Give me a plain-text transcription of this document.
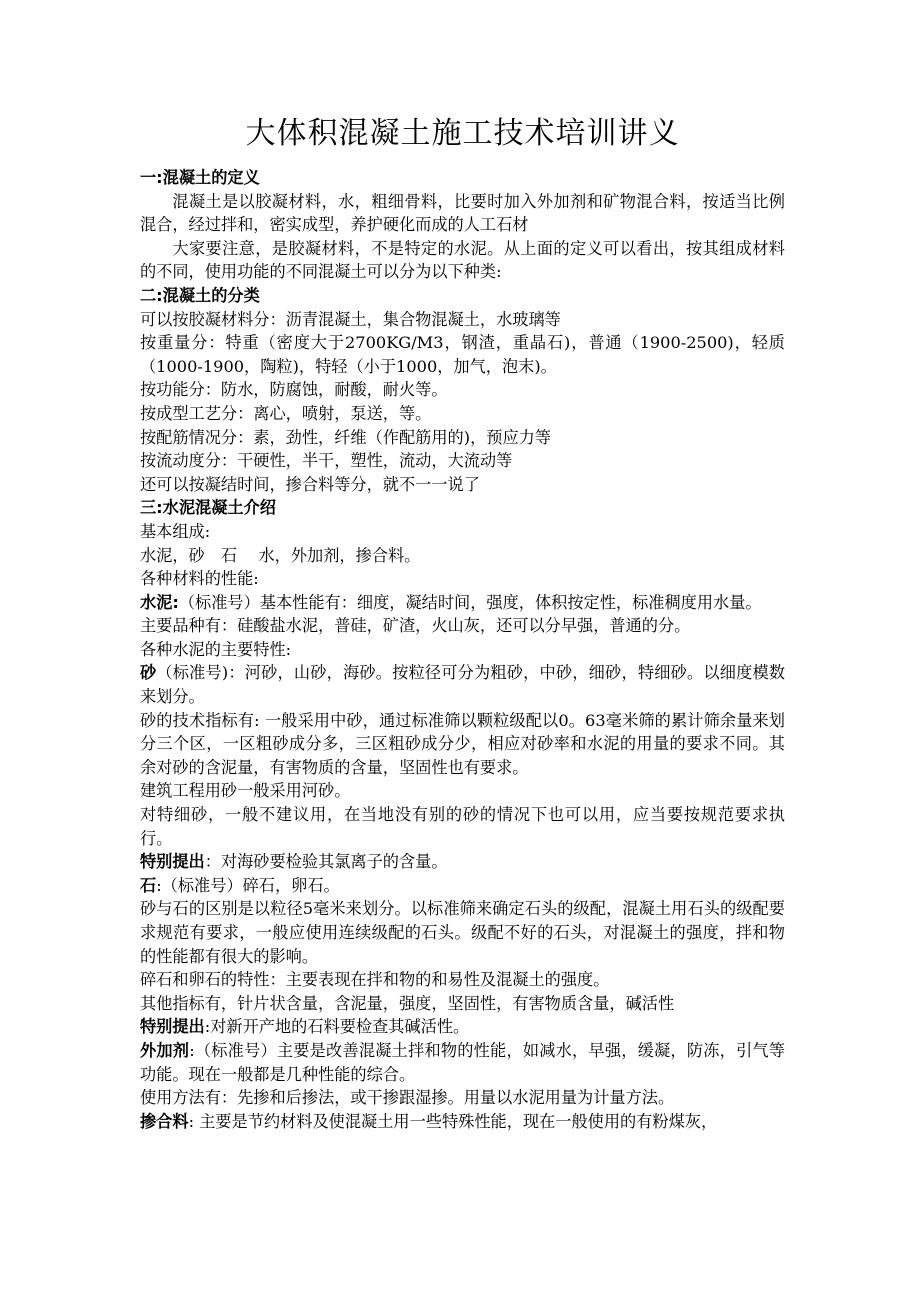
大体积混凝土施工技术培训讲义

一:混凝土的定义

混凝土是以胶凝材料，水，粗细骨料，比要时加入外加剂和矿物混合料，按适当比例混合，经过拌和，密实成型，养护硬化而成的人工石材

大家要注意，是胶凝材料，不是特定的水泥。从上面的定义可以看出，按其组成材料的不同，使用功能的不同混凝土可以分为以下种类:

二:混凝土的分类

可以按胶凝材料分：沥青混凝土，集合物混凝土，水玻璃等

按重量分：特重（密度大于2700KG/M3，钢渣，重晶石)，普通（1900-2500)，轻质（1000-1900，陶粒)，特轻（小于1000，加气，泡末)。

按功能分：防水，防腐蚀，耐酸，耐火等。

按成型工艺分：离心，喷射，泵送，等。

按配筋情况分：素，劲性，纤维（作配筋用的)，预应力等

按流动度分：干硬性，半干，塑性，流动，大流动等

还可以按凝结时间，掺合料等分，就不一一说了

三:水泥混凝土介绍

基本组成:

水泥，砂　石　 水，外加剂，掺合料。

各种材料的性能:

水泥:（标准号）基本性能有：细度，凝结时间，强度，体积按定性，标准稠度用水量。

主要品种有：硅酸盐水泥，普硅，矿渣，火山灰，还可以分早强，普通的分。

各种水泥的主要特性:

砂（标准号)：河砂，山砂，海砂。按粒径可分为粗砂，中砂，细砂，特细砂。以细度模数来划分。

砂的技术指标有: 一般采用中砂，通过标准筛以颗粒级配以0。63毫米筛的累计筛余量来划分三个区，一区粗砂成分多，三区粗砂成分少，相应对砂率和水泥的用量的要求不同。其余对砂的含泥量，有害物质的含量，坚固性也有要求。

建筑工程用砂一般采用河砂。

对特细砂，一般不建议用，在当地没有别的砂的情况下也可以用，应当要按规范要求执行。

特别提出：对海砂要检验其氯离子的含量。

石:（标准号）碎石，卵石。

砂与石的区别是以粒径5毫米来划分。以标准筛来确定石头的级配，混凝土用石头的级配要求规范有要求，一般应使用连续级配的石头。级配不好的石头，对混凝土的强度，拌和物的性能都有很大的影响。

碎石和卵石的特性：主要表现在拌和物的和易性及混凝土的强度。

其他指标有，针片状含量，含泥量，强度，坚固性，有害物质含量，碱活性

特别提出:对新开产地的石料要检查其碱活性。

外加剂:（标准号）主要是改善混凝土拌和物的性能，如减水，早强，缓凝，防冻，引气等功能。现在一般都是几种性能的综合。

使用方法有：先掺和后掺法，或干掺跟湿掺。用量以水泥用量为计量方法。

掺合料: 主要是节约材料及使混凝土用一些特殊性能，现在一般使用的有粉煤灰，
